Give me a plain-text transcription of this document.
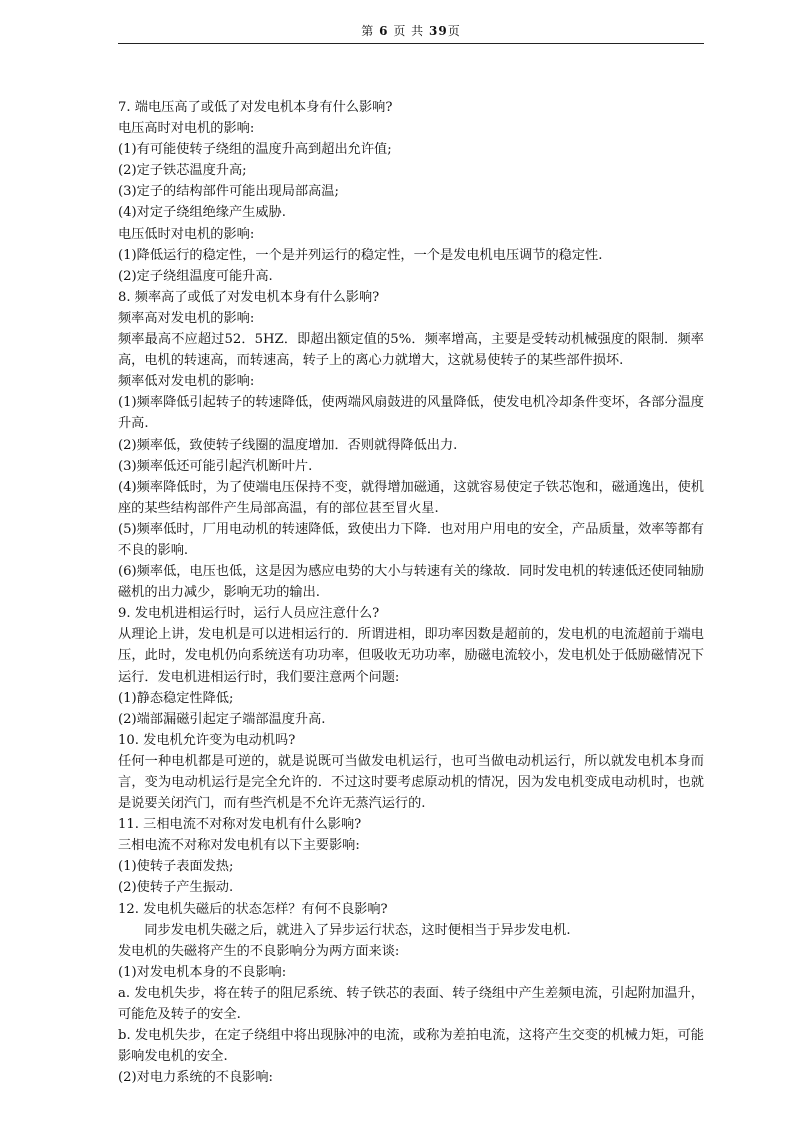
第 6 页 共 39页

7. 端电压高了或低了对发电机本身有什么影响?

电压高时对电机的影响:

(1)有可能使转子绕组的温度升高到超出允许值;

(2)定子铁芯温度升高;

(3)定子的结构部件可能出现局部高温;

(4)对定子绕组绝缘产生威胁.

电压低时对电机的影响:

(1)降低运行的稳定性，一个是并列运行的稳定性，一个是发电机电压调节的稳定性.

(2)定子绕组温度可能升高.

8. 频率高了或低了对发电机本身有什么影响?

频率高对发电机的影响:

频率最高不应超过52．5HZ．即超出额定值的5%．频率增高，主要是受转动机械强度的限制．频率高，电机的转速高，而转速高，转子上的离心力就增大，这就易使转子的某些部件损坏.

频率低对发电机的影响:

(1)频率降低引起转子的转速降低，使两端风扇鼓进的风量降低，使发电机冷却条件变坏，各部分温度升高.

(2)频率低，致使转子线圈的温度增加．否则就得降低出力.

(3)频率低还可能引起汽机断叶片.

(4)频率降低时，为了使端电压保持不变，就得增加磁通，这就容易使定子铁芯饱和，磁通逸出，使机座的某些结构部件产生局部高温，有的部位甚至冒火星.

(5)频率低时，厂用电动机的转速降低，致使出力下降．也对用户用电的安全，产品质量，效率等都有不良的影响.

(6)频率低，电压也低，这是因为感应电势的大小与转速有关的缘故．同时发电机的转速低还使同轴励磁机的出力减少，影响无功的输出.

9. 发电机进相运行时，运行人员应注意什么?

从理论上讲，发电机是可以进相运行的．所谓进相，即功率因数是超前的，发电机的电流超前于端电压，此时，发电机仍向系统送有功功率，但吸收无功功率，励磁电流较小，发电机处于低励磁情况下运行．发电机进相运行时，我们要注意两个问题:

(1)静态稳定性降低;

(2)端部漏磁引起定子端部温度升高.

10. 发电机允许变为电动机吗?

任何一种电机都是可逆的，就是说既可当做发电机运行，也可当做电动机运行，所以就发电机本身而言，变为电动机运行是完全允许的．不过这时要考虑原动机的情况，因为发电机变成电动机时，也就是说要关闭汽门，而有些汽机是不允许无蒸汽运行的.

11. 三相电流不对称对发电机有什么影响?

三相电流不对称对发电机有以下主要影响:

(1)使转子表面发热;

(2)使转子产生振动.

12. 发电机失磁后的状态怎样？有何不良影响?

同步发电机失磁之后，就进入了异步运行状态，这时便相当于异步发电机.

发电机的失磁将产生的不良影响分为两方面来谈:

(1)对发电机本身的不良影响:

a. 发电机失步，将在转子的阻尼系统、转子铁芯的表面、转子绕组中产生差频电流，引起附加温升，可能危及转子的安全.

b. 发电机失步，在定子绕组中将出现脉冲的电流，或称为差拍电流，这将产生交变的机械力矩，可能影响发电机的安全.

(2)对电力系统的不良影响:
